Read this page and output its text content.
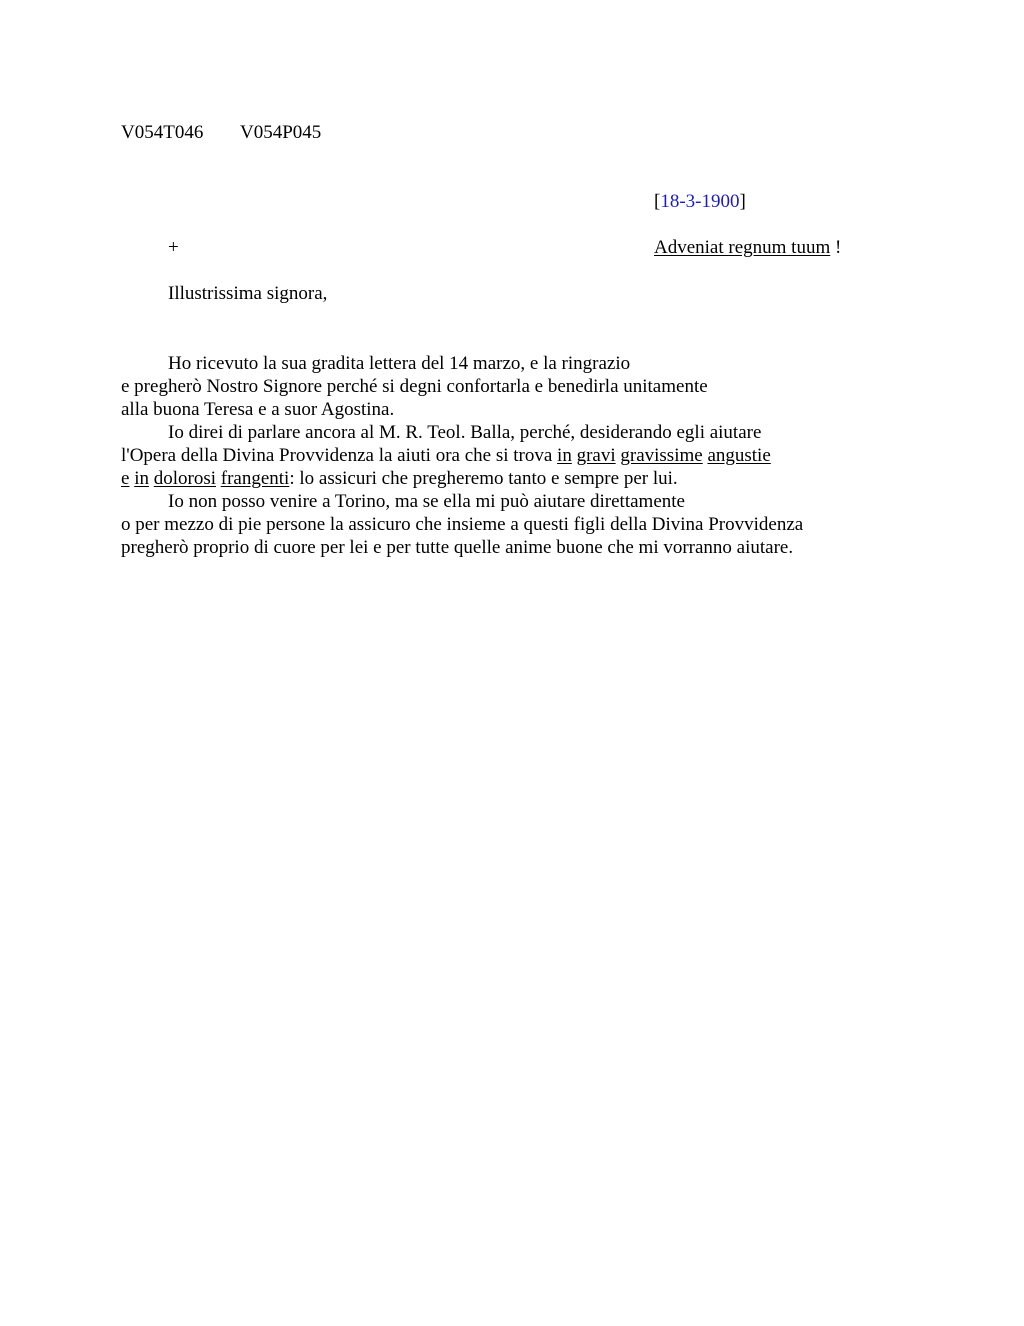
V054T046 V054P045
[18-3-1900]
+	Adveniat regnum tuum !
Illustrissima signora,
Ho ricevuto la sua gradita lettera del 14 marzo, e la ringrazio
e pregherò Nostro Signore perché si degni confortarla e benedirla unitamente
alla buona Teresa e a suor Agostina.
Io direi di parlare ancora al M. R. Teol. Balla, perché, desiderando egli aiutare
l'Opera della Divina Provvidenza la aiuti ora che si trova in gravi gravissime angustie
e in dolorosi frangenti: lo assicuri che pregheremo tanto e sempre per lui.
Io non posso venire a Torino, ma se ella mi può aiutare direttamente
o per mezzo di pie persone la assicuro che insieme a questi figli della Divina Provvidenza
pregherò proprio di cuore per lei e per tutte quelle anime buone che mi vorranno aiutare.
